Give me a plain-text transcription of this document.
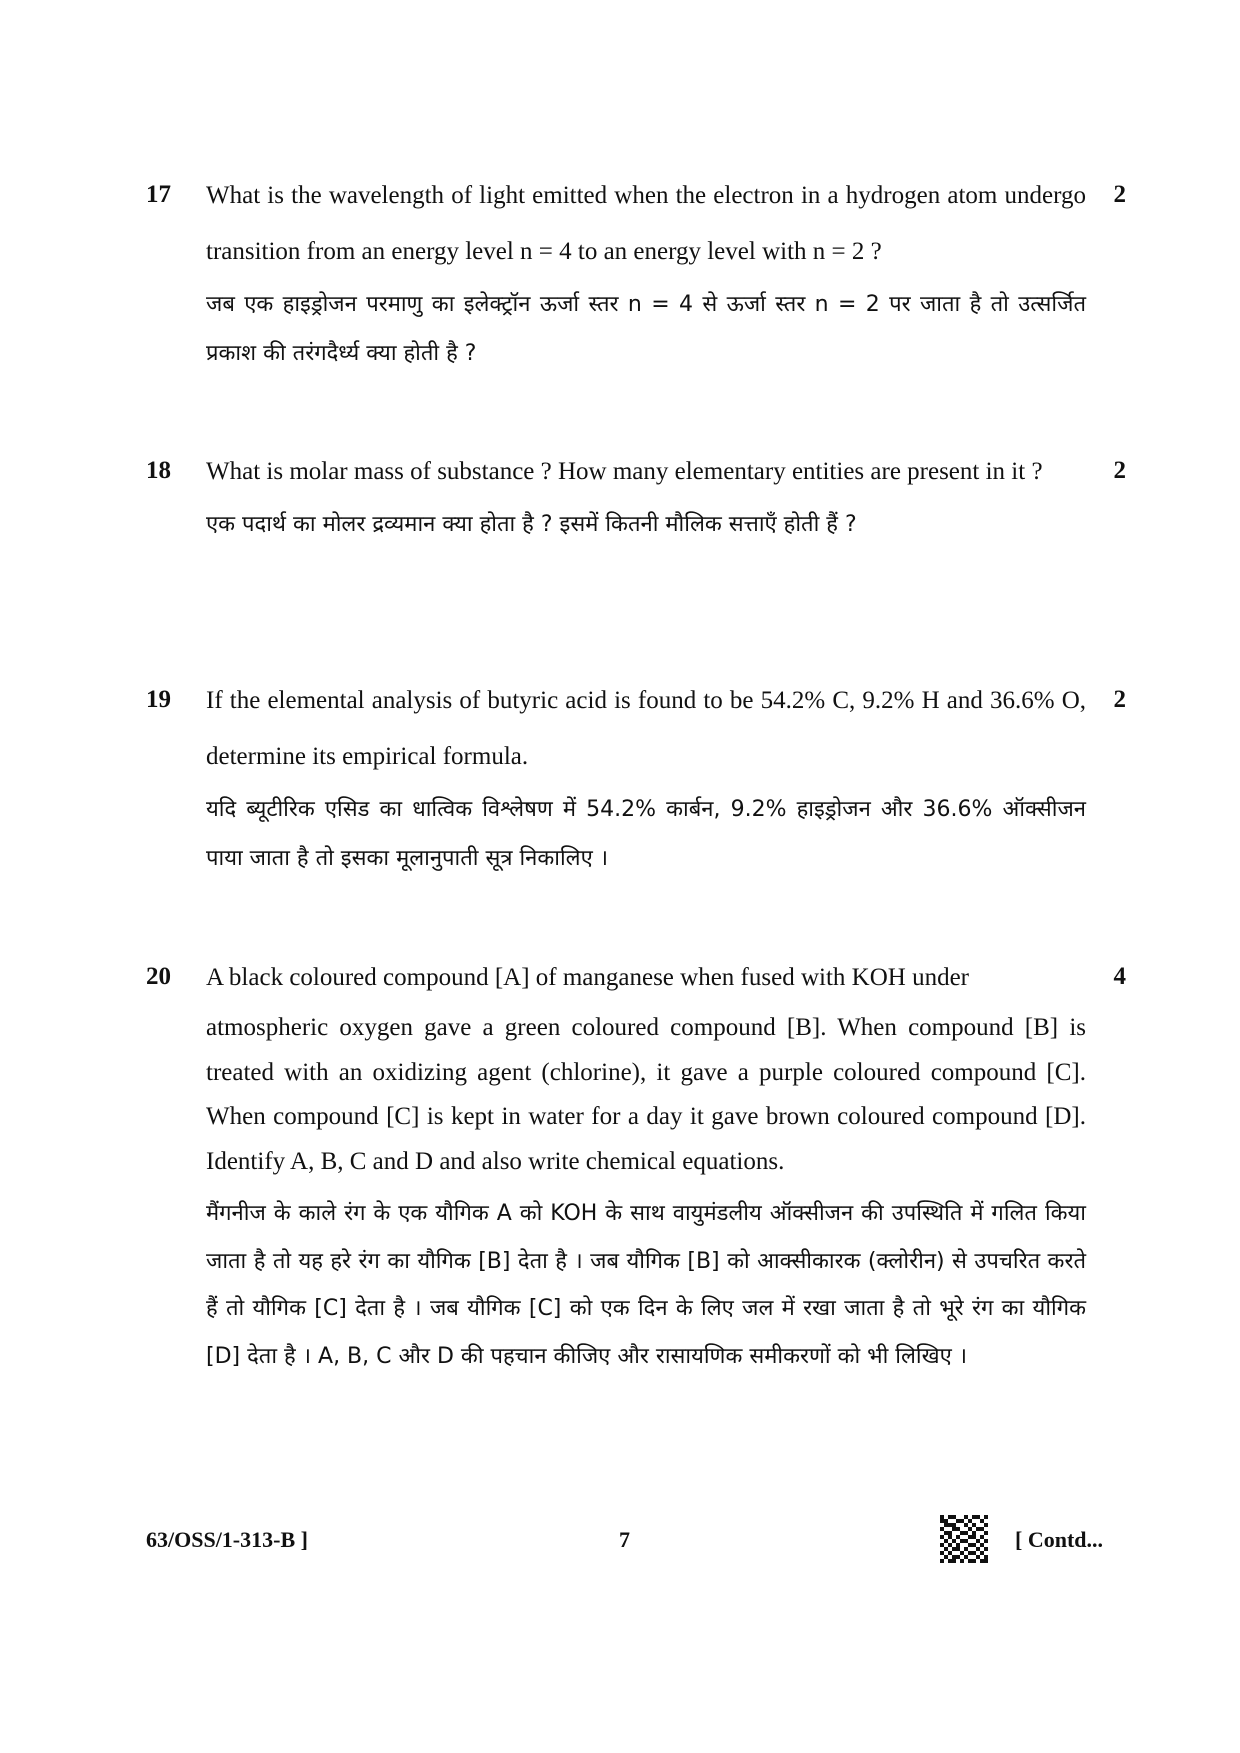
17	2

What is the wavelength of light emitted when the electron in a hydrogen atom undergo transition from an energy level n = 4 to an energy level with n = 2 ?

जब एक हाइड्रोजन परमाणु का इलेक्ट्रॉन ऊर्जा स्तर n = 4 से ऊर्जा स्तर n = 2 पर जाता है तो उत्सर्जित प्रकाश की तरंगदैर्ध्य क्या होती है ?

18	2

What is molar mass of substance ? How many elementary entities are present in it ?

एक पदार्थ का मोलर द्रव्यमान क्या होता है ? इसमें कितनी मौलिक सत्ताएँ होती हैं ?

19	2

If the elemental analysis of butyric acid is found to be 54.2% C, 9.2% H and 36.6% O, determine its empirical formula.

यदि ब्यूटीरिक एसिड का धात्विक विश्लेषण में 54.2% कार्बन, 9.2% हाइड्रोजन और 36.6% ऑक्सीजन पाया जाता है तो इसका मूलानुपाती सूत्र निकालिए ।

20	4

A black coloured compound [A] of manganese when fused with KOH under

atmospheric oxygen gave a green coloured compound [B]. When compound [B] is treated with an oxidizing agent (chlorine), it gave a purple coloured compound [C]. When compound [C] is kept in water for a day it gave brown coloured compound [D]. Identify A, B, C and D and also write chemical equations.

मैंगनीज के काले रंग के एक यौगिक A को KOH के साथ वायुमंडलीय ऑक्सीजन की उपस्थिति में गलित किया जाता है तो यह हरे रंग का यौगिक [B] देता है । जब यौगिक [B] को आक्सीकारक (क्लोरीन) से उपचरित करते हैं तो यौगिक [C] देता है । जब यौगिक [C] को एक दिन के लिए जल में रखा जाता है तो भूरे रंग का यौगिक [D] देता है । A, B, C और D की पहचान कीजिए और रासायणिक समीकरणों को भी लिखिए ।

63/OSS/1-313-B ]	7	[ Contd...
